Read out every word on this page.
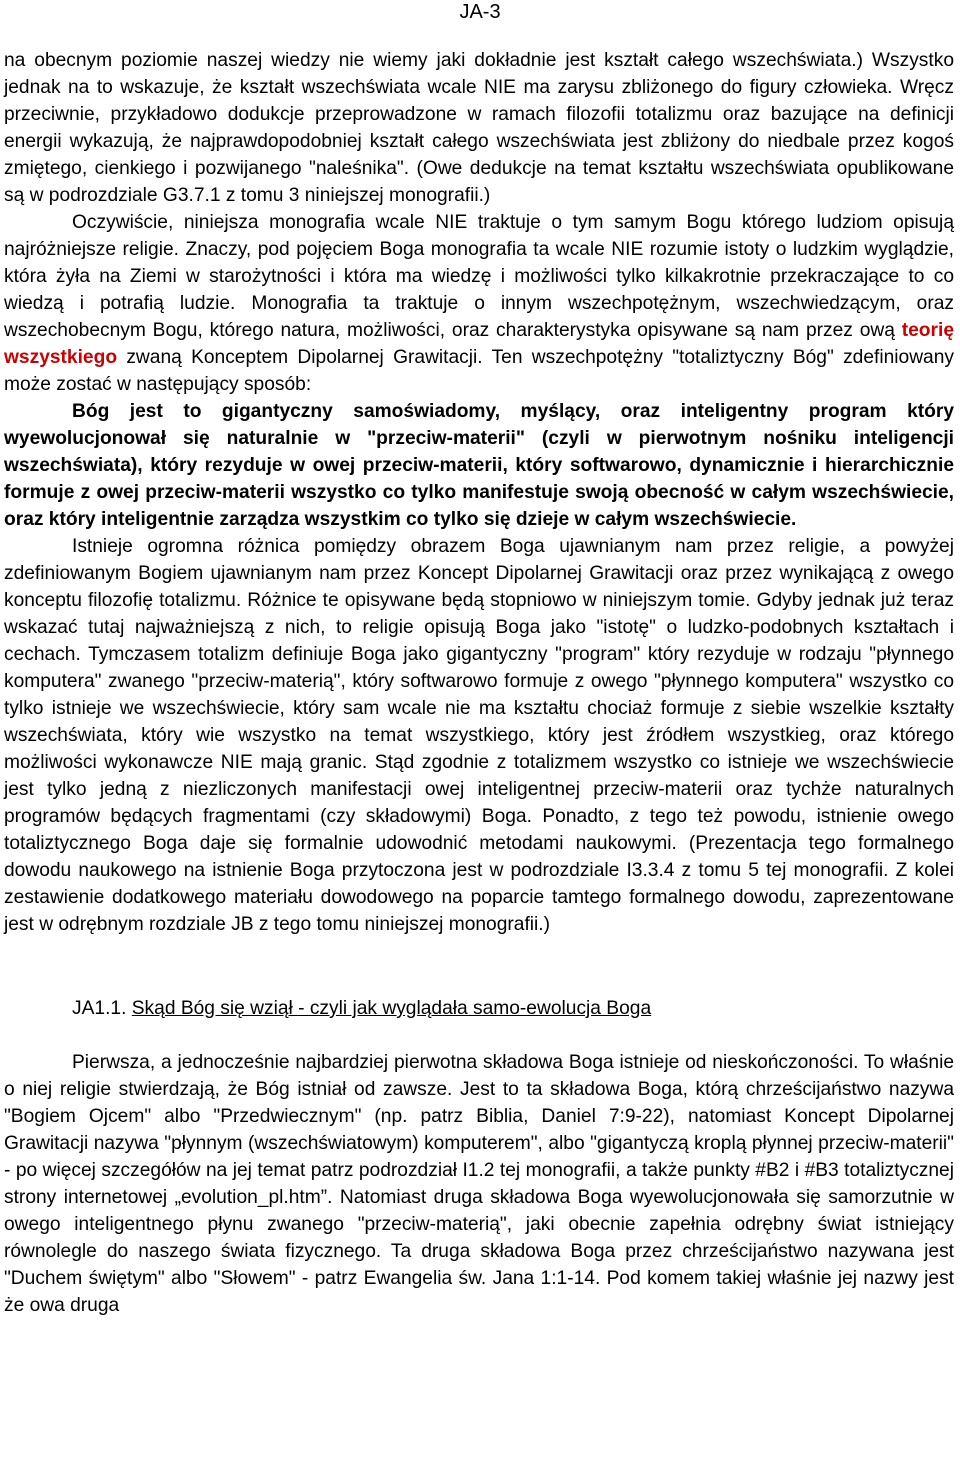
JA-3

na obecnym poziomie naszej wiedzy nie wiemy jaki dokładnie jest kształt całego wszechświata.) Wszystko jednak na to wskazuje, że kształt wszechświata wcale NIE ma zarysu zbliżonego do figury człowieka. Wręcz przeciwnie, przykładowo dodukcje przeprowadzone w ramach filozofii totalizmu oraz bazujące na definicji energii wykazują, że najprawdopodobniej kształt całego wszechświata jest zbliżony do niedbale przez kogoś zmiętego, cienkiego i pozwijanego "naleśnika". (Owe dedukcje na temat kształtu wszechświata opublikowane są w podrozdziale G3.7.1 z tomu 3 niniejszej monografii.)

Oczywiście, niniejsza monografia wcale NIE traktuje o tym samym Bogu którego ludziom opisują najróżniejsze religie. Znaczy, pod pojęciem Boga monografia ta wcale NIE rozumie istoty o ludzkim wyglądzie, która żyła na Ziemi w starożytności i która ma wiedzę i możliwości tylko kilkakrotnie przekraczające to co wiedzą i potrafią ludzie. Monografia ta traktuje o innym wszechpotężnym, wszechwiedzącym, oraz wszechobecnym Bogu, którego natura, możliwości, oraz charakterystyka opisywane są nam przez ową teorię wszystkiego zwaną Konceptem Dipolarnej Grawitacji. Ten wszechpotężny "totaliztyczny Bóg" zdefiniowany może zostać w następujący sposób:

Bóg jest to gigantyczny samoświadomy, myślący, oraz inteligentny program który wyewolucjonował się naturalnie w "przeciw-materii" (czyli w pierwotnym nośniku inteligencji wszechświata), który rezyduje w owej przeciw-materii, który softwarowo, dynamicznie i hierarchicznie formuje z owej przeciw-materii wszystko co tylko manifestuje swoją obecność w całym wszechświecie, oraz który inteligentnie zarządza wszystkim co tylko się dzieje w całym wszechświecie.

Istnieje ogromna różnica pomiędzy obrazem Boga ujawnianym nam przez religie, a powyżej zdefiniowanym Bogiem ujawnianym nam przez Koncept Dipolarnej Grawitacji oraz przez wynikającą z owego konceptu filozofię totalizmu. Różnice te opisywane będą stopniowo w niniejszym tomie. Gdyby jednak już teraz wskazać tutaj najważniejszą z nich, to religie opisują Boga jako "istotę" o ludzko-podobnych kształtach i cechach. Tymczasem totalizm definiuje Boga jako gigantyczny "program" który rezyduje w rodzaju "płynnego komputera" zwanego "przeciw-materią", który softwarowo formuje z owego "płynnego komputera" wszystko co tylko istnieje we wszechświecie, który sam wcale nie ma kształtu chociaż formuje z siebie wszelkie kształty wszechświata, który wie wszystko na temat wszystkiego, który jest źródłem wszystkieg, oraz którego możliwości wykonawcze NIE mają granic. Stąd zgodnie z totalizmem wszystko co istnieje we wszechświecie jest tylko jedną z niezliczonych manifestacji owej inteligentnej przeciw-materii oraz tychże naturalnych programów będących fragmentami (czy składowymi) Boga. Ponadto, z tego też powodu, istnienie owego totaliztycznego Boga daje się formalnie udowodnić metodami naukowymi. (Prezentacja tego formalnego dowodu naukowego na istnienie Boga przytoczona jest w podrozdziale I3.3.4 z tomu 5 tej monografii. Z kolei zestawienie dodatkowego materiału dowodowego na poparcie tamtego formalnego dowodu, zaprezentowane jest w odrębnym rozdziale JB z tego tomu niniejszej monografii.)

JA1.1. Skąd Bóg się wziął - czyli jak wyglądała samo-ewolucja Boga

Pierwsza, a jednocześnie najbardziej pierwotna składowa Boga istnieje od nieskończoności. To właśnie o niej religie stwierdzają, że Bóg istniał od zawsze. Jest to ta składowa Boga, którą chrześcijaństwo nazywa "Bogiem Ojcem" albo "Przedwiecznym" (np. patrz Biblia, Daniel 7:9-22), natomiast Koncept Dipolarnej Grawitacji nazywa "płynnym (wszechświatowym) komputerem", albo "gigantyczą kroplą płynnej przeciw-materii" - po więcej szczegółów na jej temat patrz podrozdział I1.2 tej monografii, a także punkty #B2 i #B3 totaliztycznej strony internetowej „evolution_pl.htm”. Natomiast druga składowa Boga wyewolucjonowała się samorzutnie w owego inteligentnego płynu zwanego "przeciw-materią", jaki obecnie zapełnia odrębny świat istniejący równolegle do naszego świata fizycznego. Ta druga składowa Boga przez chrześcijaństwo nazywana jest "Duchem świętym" albo "Słowem" - patrz Ewangelia św. Jana 1:1-14. Pod komem takiej właśnie jej nazwy jest że owa druga
